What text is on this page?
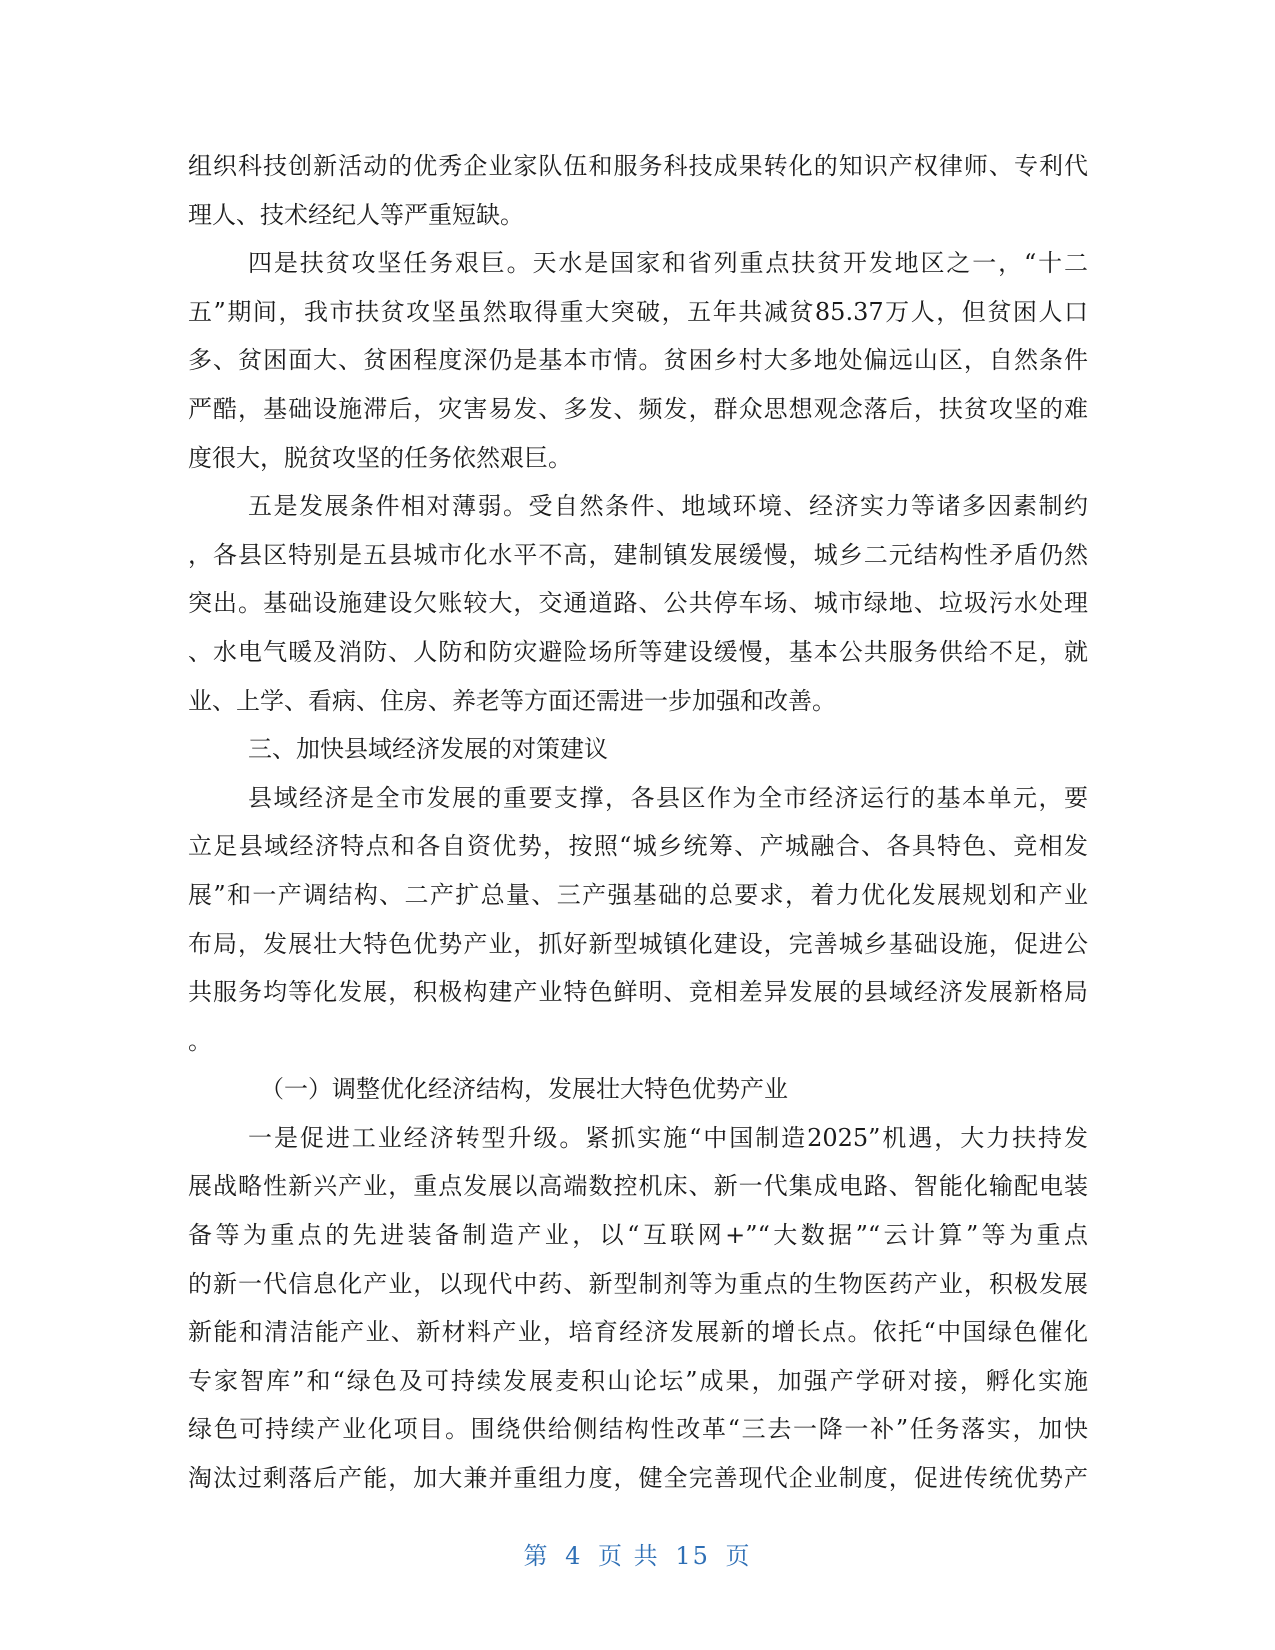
组织科技创新活动的优秀企业家队伍和服务科技成果转化的知识产权律师、专利代
理人、技术经纪人等严重短缺。
四是扶贫攻坚任务艰巨。天水是国家和省列重点扶贫开发地区之一，“十二
五”期间，我市扶贫攻坚虽然取得重大突破，五年共减贫85.37万人，但贫困人口
多、贫困面大、贫困程度深仍是基本市情。贫困乡村大多地处偏远山区，自然条件
严酷，基础设施滞后，灾害易发、多发、频发，群众思想观念落后，扶贫攻坚的难
度很大，脱贫攻坚的任务依然艰巨。
五是发展条件相对薄弱。受自然条件、地域环境、经济实力等诸多因素制约
，各县区特别是五县城市化水平不高，建制镇发展缓慢，城乡二元结构性矛盾仍然
突出。基础设施建设欠账较大，交通道路、公共停车场、城市绿地、垃圾污水处理
、水电气暖及消防、人防和防灾避险场所等建设缓慢，基本公共服务供给不足，就
业、上学、看病、住房、养老等方面还需进一步加强和改善。
三、加快县域经济发展的对策建议
县域经济是全市发展的重要支撑，各县区作为全市经济运行的基本单元，要
立足县域经济特点和各自资优势，按照“城乡统筹、产城融合、各具特色、竞相发
展”和一产调结构、二产扩总量、三产强基础的总要求，着力优化发展规划和产业
布局，发展壮大特色优势产业，抓好新型城镇化建设，完善城乡基础设施，促进公
共服务均等化发展，积极构建产业特色鲜明、竞相差异发展的县域经济发展新格局
。
（一）调整优化经济结构，发展壮大特色优势产业
一是促进工业经济转型升级。紧抓实施“中国制造2025”机遇，大力扶持发
展战略性新兴产业，重点发展以高端数控机床、新一代集成电路、智能化输配电装
备等为重点的先进装备制造产业，以“互联网+”“大数据”“云计算”等为重点
的新一代信息化产业，以现代中药、新型制剂等为重点的生物医药产业，积极发展
新能和清洁能产业、新材料产业，培育经济发展新的增长点。依托“中国绿色催化
专家智库”和“绿色及可持续发展麦积山论坛”成果，加强产学研对接，孵化实施
绿色可持续产业化项目。围绕供给侧结构性改革“三去一降一补”任务落实，加快
淘汰过剩落后产能，加大兼并重组力度，健全完善现代企业制度，促进传统优势产
第 4 页 共 15 页
